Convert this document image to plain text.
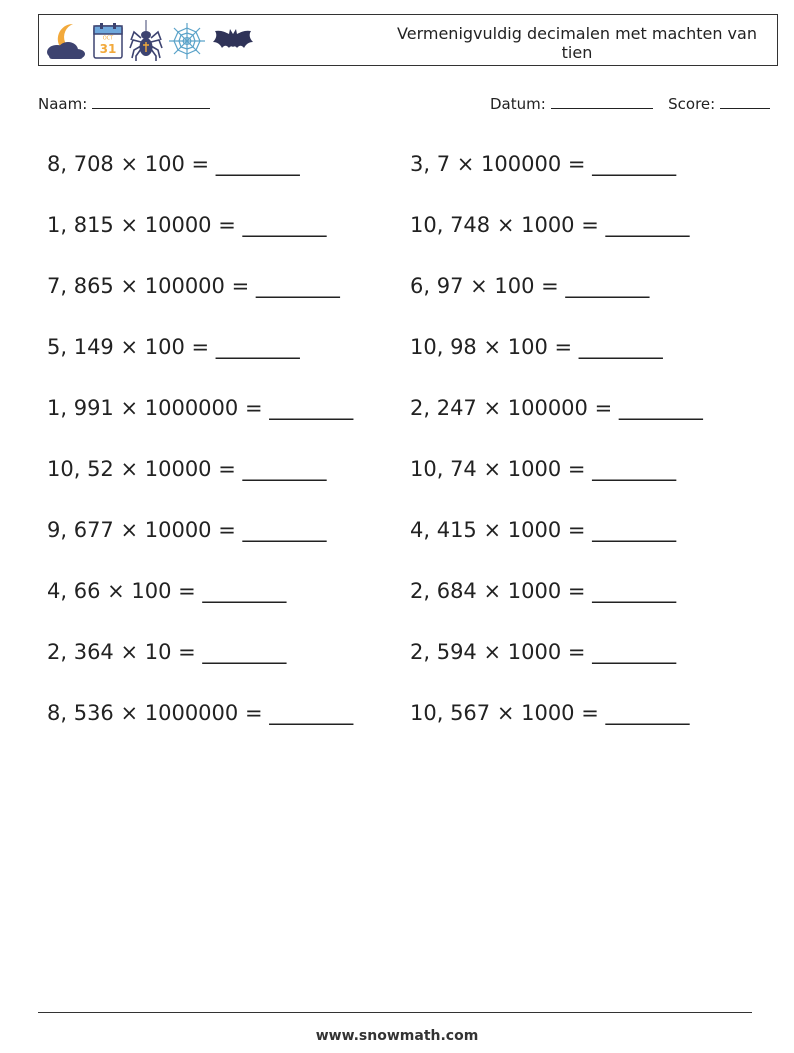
OCT
31
Vermenigvuldig decimalen met machten van tien
Naam:	Datum:	Score:
8, 708 × 100 = ________
1, 815 × 10000 = ________
7, 865 × 100000 = ________
5, 149 × 100 = ________
1, 991 × 1000000 = ________
10, 52 × 10000 = ________
9, 677 × 10000 = ________
4, 66 × 100 = ________
2, 364 × 10 = ________
8, 536 × 1000000 = ________
3, 7 × 100000 = ________
10, 748 × 1000 = ________
6, 97 × 100 = ________
10, 98 × 100 = ________
2, 247 × 100000 = ________
10, 74 × 1000 = ________
4, 415 × 1000 = ________
2, 684 × 1000 = ________
2, 594 × 1000 = ________
10, 567 × 1000 = ________
www.snowmath.com
